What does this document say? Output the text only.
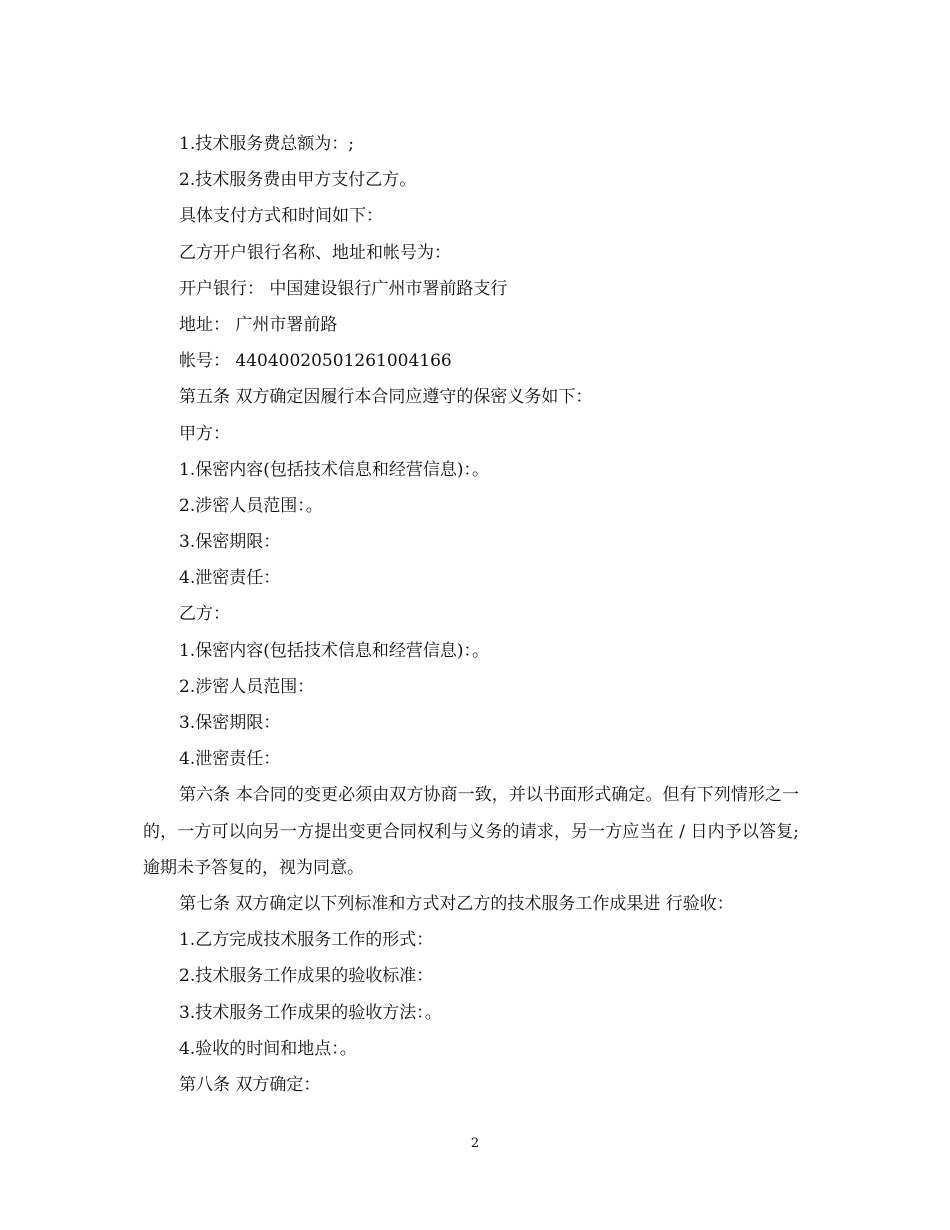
1.技术服务费总额为：;
2.技术服务费由甲方支付乙方。
具体支付方式和时间如下：
乙方开户银行名称、地址和帐号为：
开户银行： 中国建设银行广州市署前路支行
地址： 广州市署前路
帐号： 44040020501261004166
第五条 双方确定因履行本合同应遵守的保密义务如下：
甲方：
1.保密内容(包括技术信息和经营信息)：。
2.涉密人员范围：。
3.保密期限：
4.泄密责任：
乙方：
1.保密内容(包括技术信息和经营信息)：。
2.涉密人员范围：
3.保密期限：
4.泄密责任：
第六条 本合同的变更必须由双方协商一致，并以书面形式确定。但有下列情形之一的，一方可以向另一方提出变更合同权利与义务的请求，另一方应当在 / 日内予以答复;逾期未予答复的，视为同意。
第七条 双方确定以下列标准和方式对乙方的技术服务工作成果进 行验收：
1.乙方完成技术服务工作的形式：
2.技术服务工作成果的验收标准：
3.技术服务工作成果的验收方法：。
4.验收的时间和地点：。
第八条 双方确定：
2
